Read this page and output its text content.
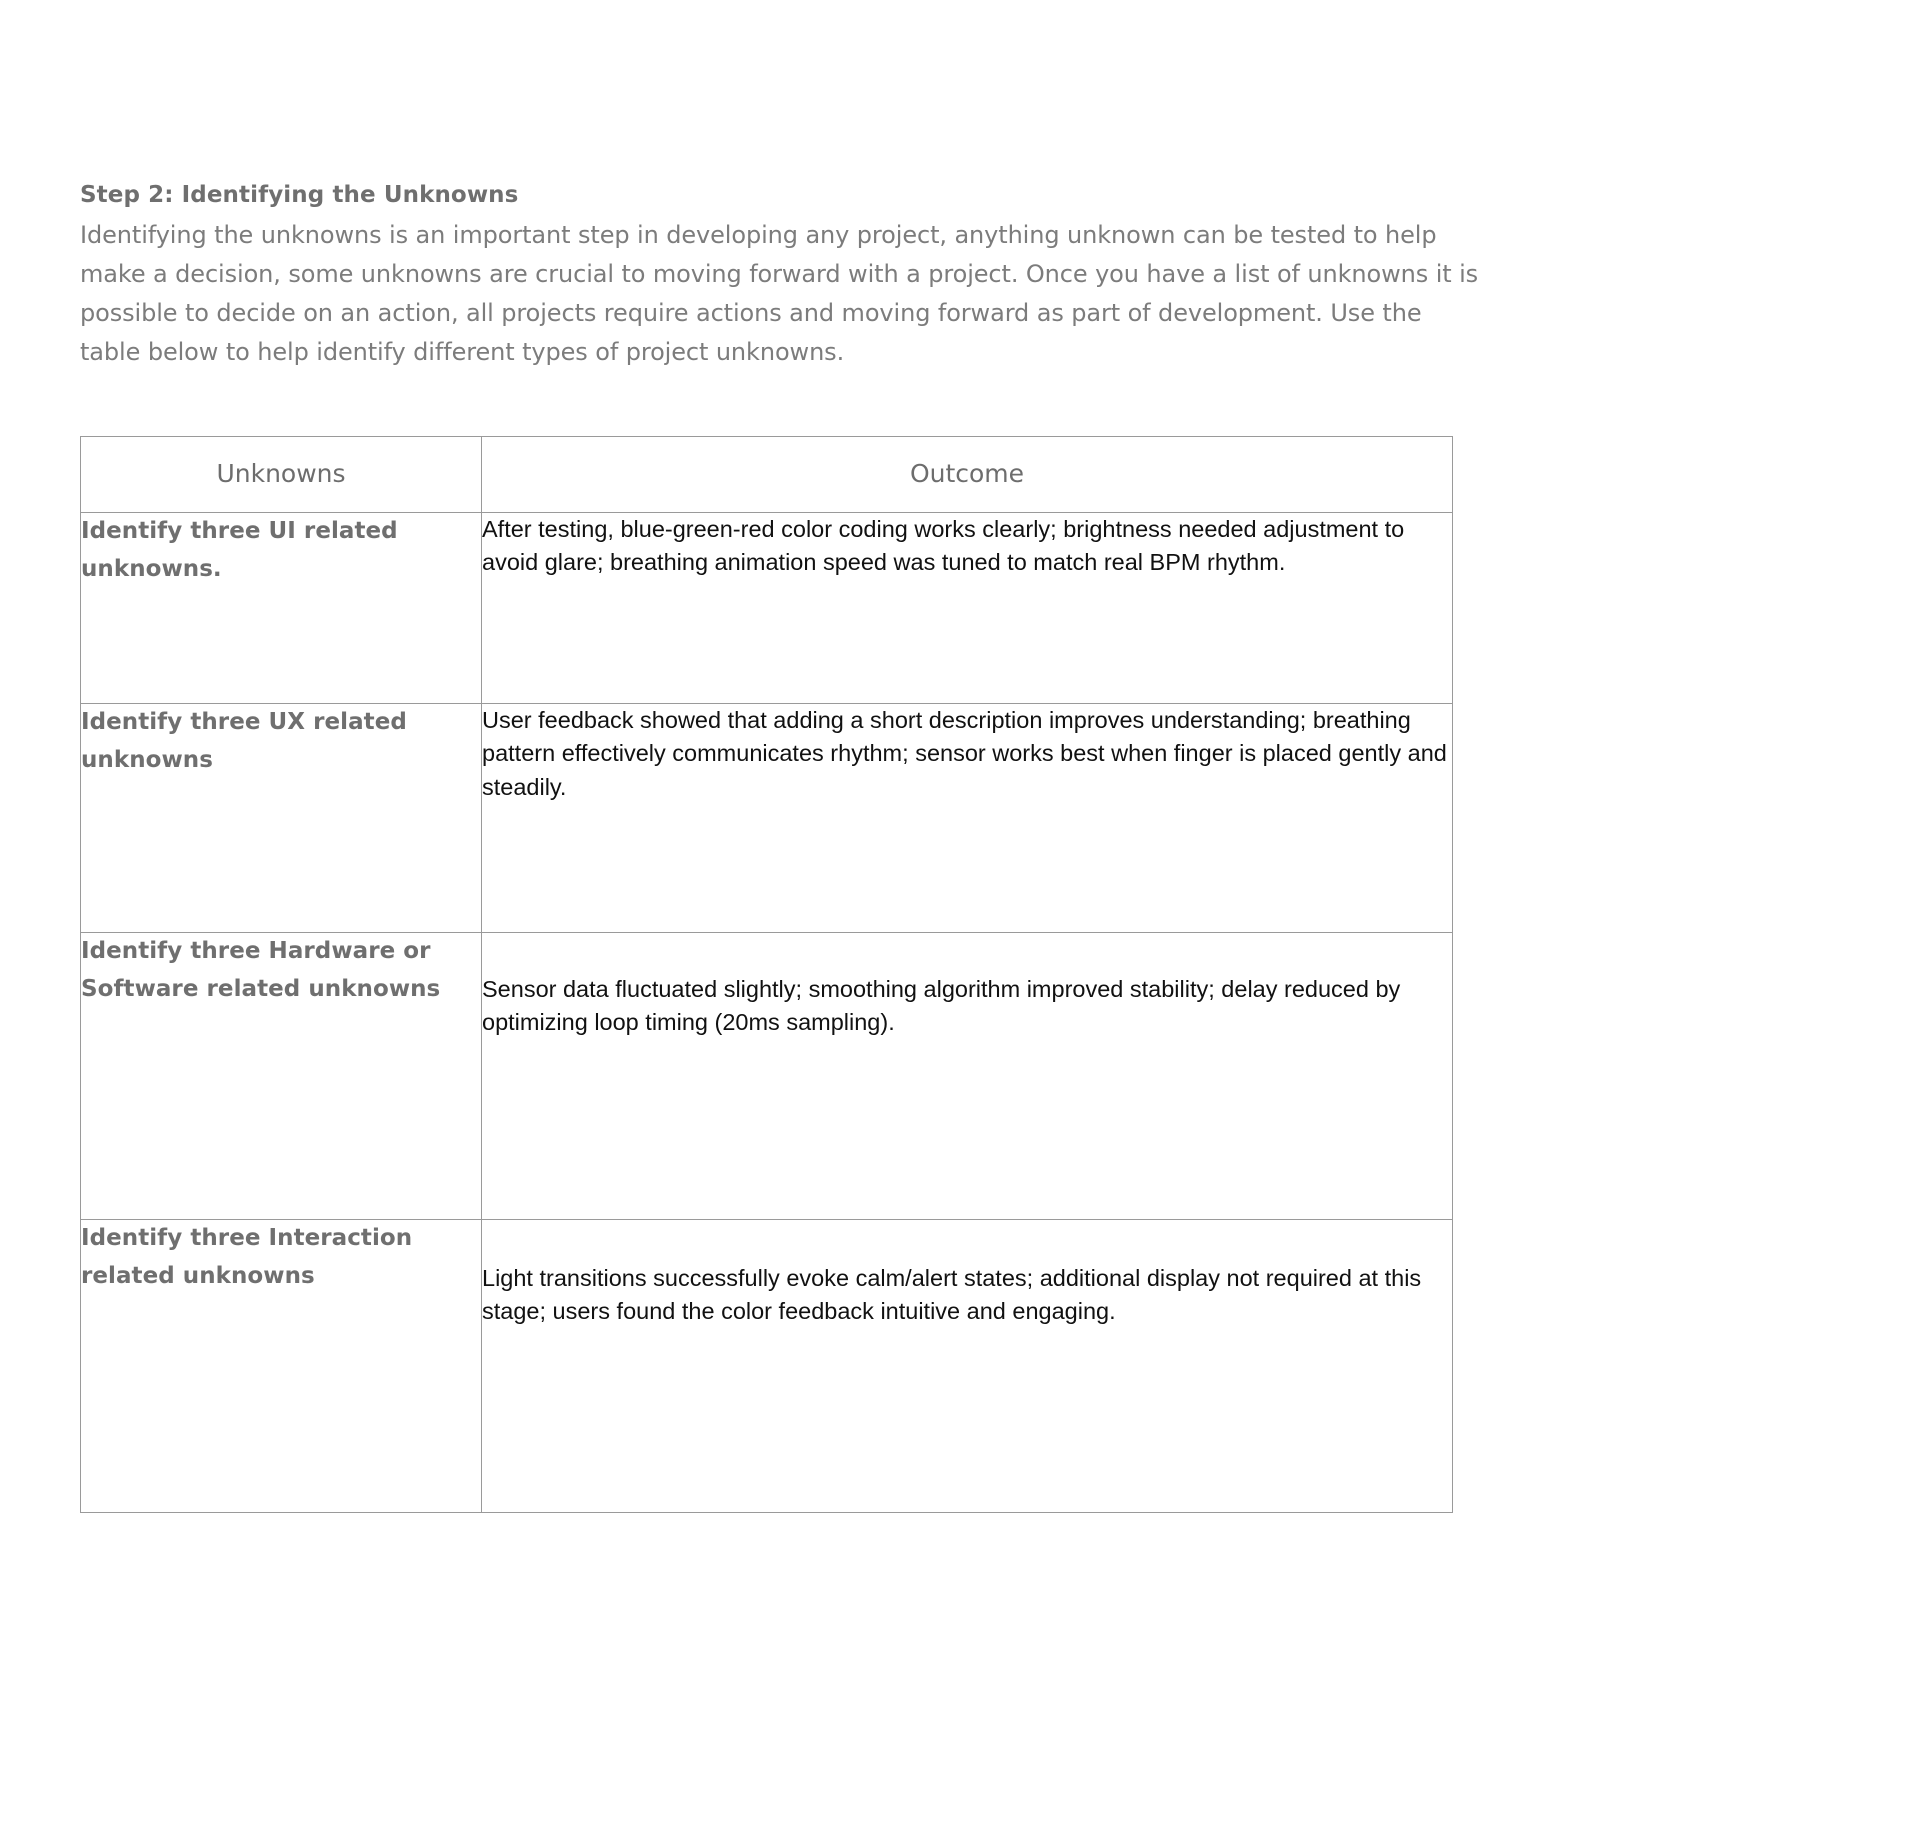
Step 2: Identifying the Unknowns

Identifying the unknowns is an important step in developing any project, anything unknown can be tested to help make a decision, some unknowns are crucial to moving forward with a project. Once you have a list of unknowns it is possible to decide on an action, all projects require actions and moving forward as part of development. Use the table below to help identify different types of project unknowns.

Unknowns	Outcome
Identify three UI related unknowns.	After testing, blue-green-red color coding works clearly; brightness needed adjustment to avoid glare; breathing animation speed was tuned to match real BPM rhythm.
Identify three UX related unknowns	User feedback showed that adding a short description improves understanding; breathing pattern effectively communicates rhythm; sensor works best when finger is placed gently and steadily.
Identify three Hardware or Software related unknowns	Sensor data fluctuated slightly; smoothing algorithm improved stability; delay reduced by optimizing loop timing (20ms sampling).
Identify three Interaction related unknowns	Light transitions successfully evoke calm/alert states; additional display not required at this stage; users found the color feedback intuitive and engaging.
